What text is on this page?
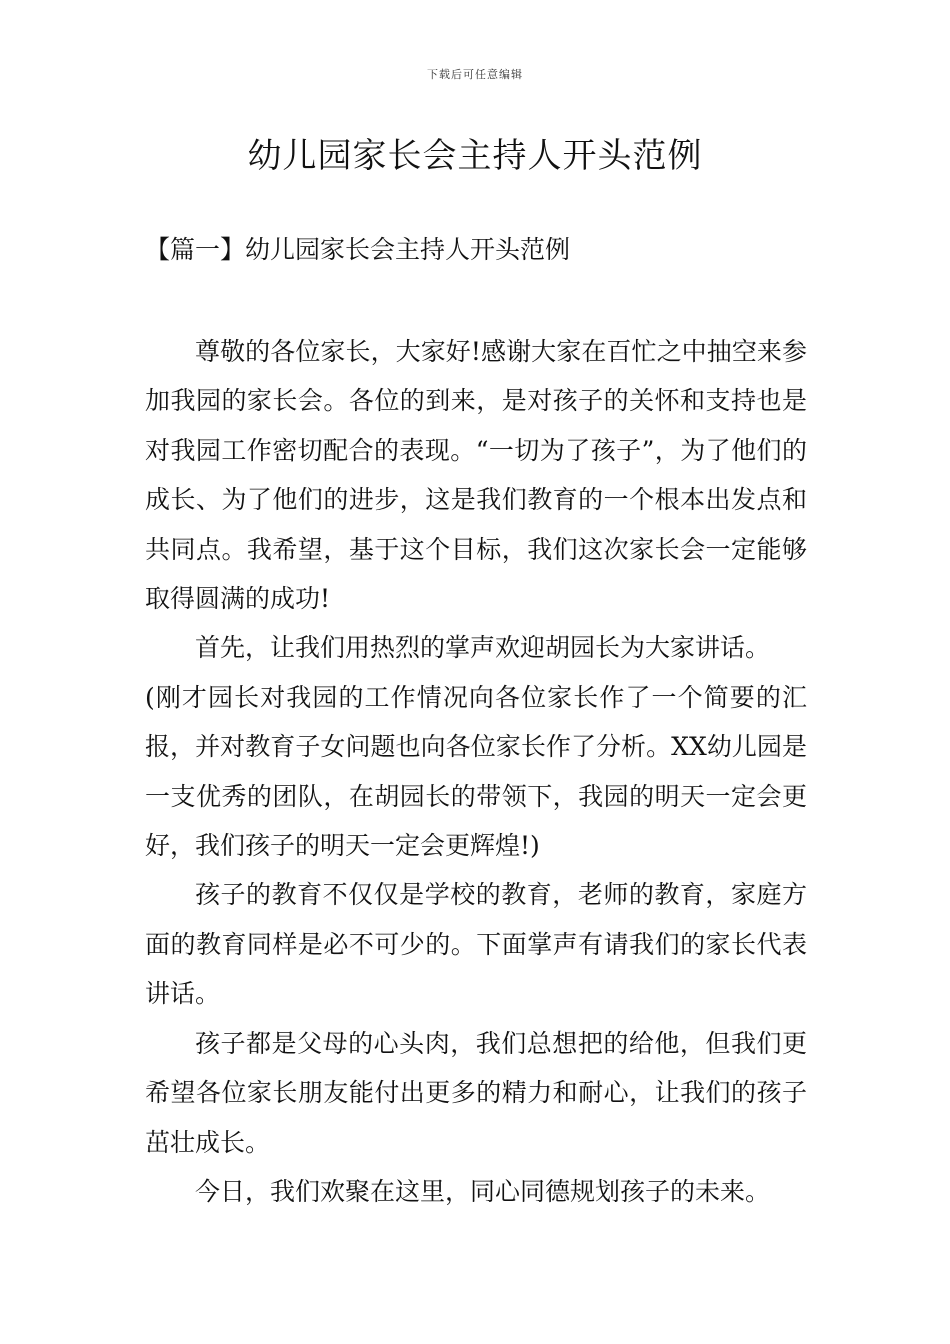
下载后可任意编辑
幼儿园家长会主持人开头范例
【篇一】幼儿园家长会主持人开头范例

尊敬的各位家长，大家好!感谢大家在百忙之中抽空来参加我园的家长会。各位的到来，是对孩子的关怀和支持也是对我园工作密切配合的表现。“一切为了孩子”，为了他们的成长、为了他们的进步，这是我们教育的一个根本出发点和共同点。我希望，基于这个目标，我们这次家长会一定能够取得圆满的成功!

首先，让我们用热烈的掌声欢迎胡园长为大家讲话。

(刚才园长对我园的工作情况向各位家长作了一个简要的汇报，并对教育子女问题也向各位家长作了分析。XX幼儿园是一支优秀的团队，在胡园长的带领下，我园的明天一定会更好，我们孩子的明天一定会更辉煌!)

孩子的教育不仅仅是学校的教育，老师的教育，家庭方面的教育同样是必不可少的。下面掌声有请我们的家长代表讲话。

孩子都是父母的心头肉，我们总想把的给他，但我们更希望各位家长朋友能付出更多的精力和耐心，让我们的孩子茁壮成长。

今日，我们欢聚在这里，同心同德规划孩子的未来。
